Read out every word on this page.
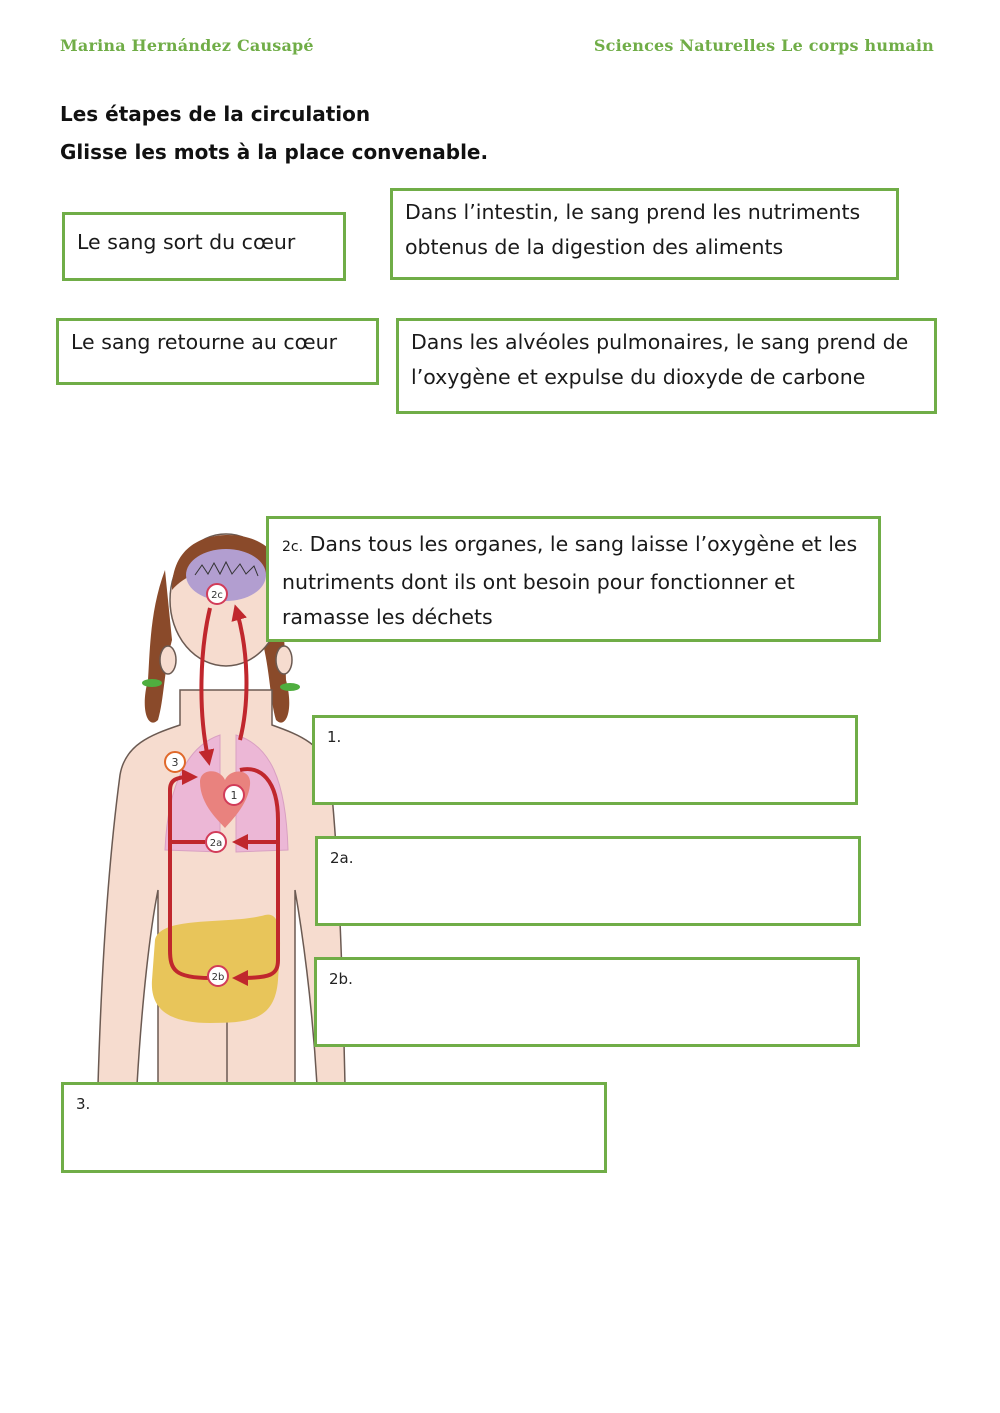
Marina Hernández Causapé	Sciences Naturelles Le corps humain
Les étapes de la circulation
Glisse les mots à la place convenable.
Le sang sort du cœur
Dans l’intestin, le sang prend les nutriments obtenus de la digestion des aliments
Le sang retourne au cœur	Dans les alvéoles pulmonaires, le sang prend de l’oxygène et expulse du dioxyde de carbone
2c
3
1
2a
2b
2c. Dans tous les organes, le sang laisse l’oxygène et les nutriments dont ils ont besoin pour fonctionner et ramasse les déchets
1.
2a.
2b.
3.
